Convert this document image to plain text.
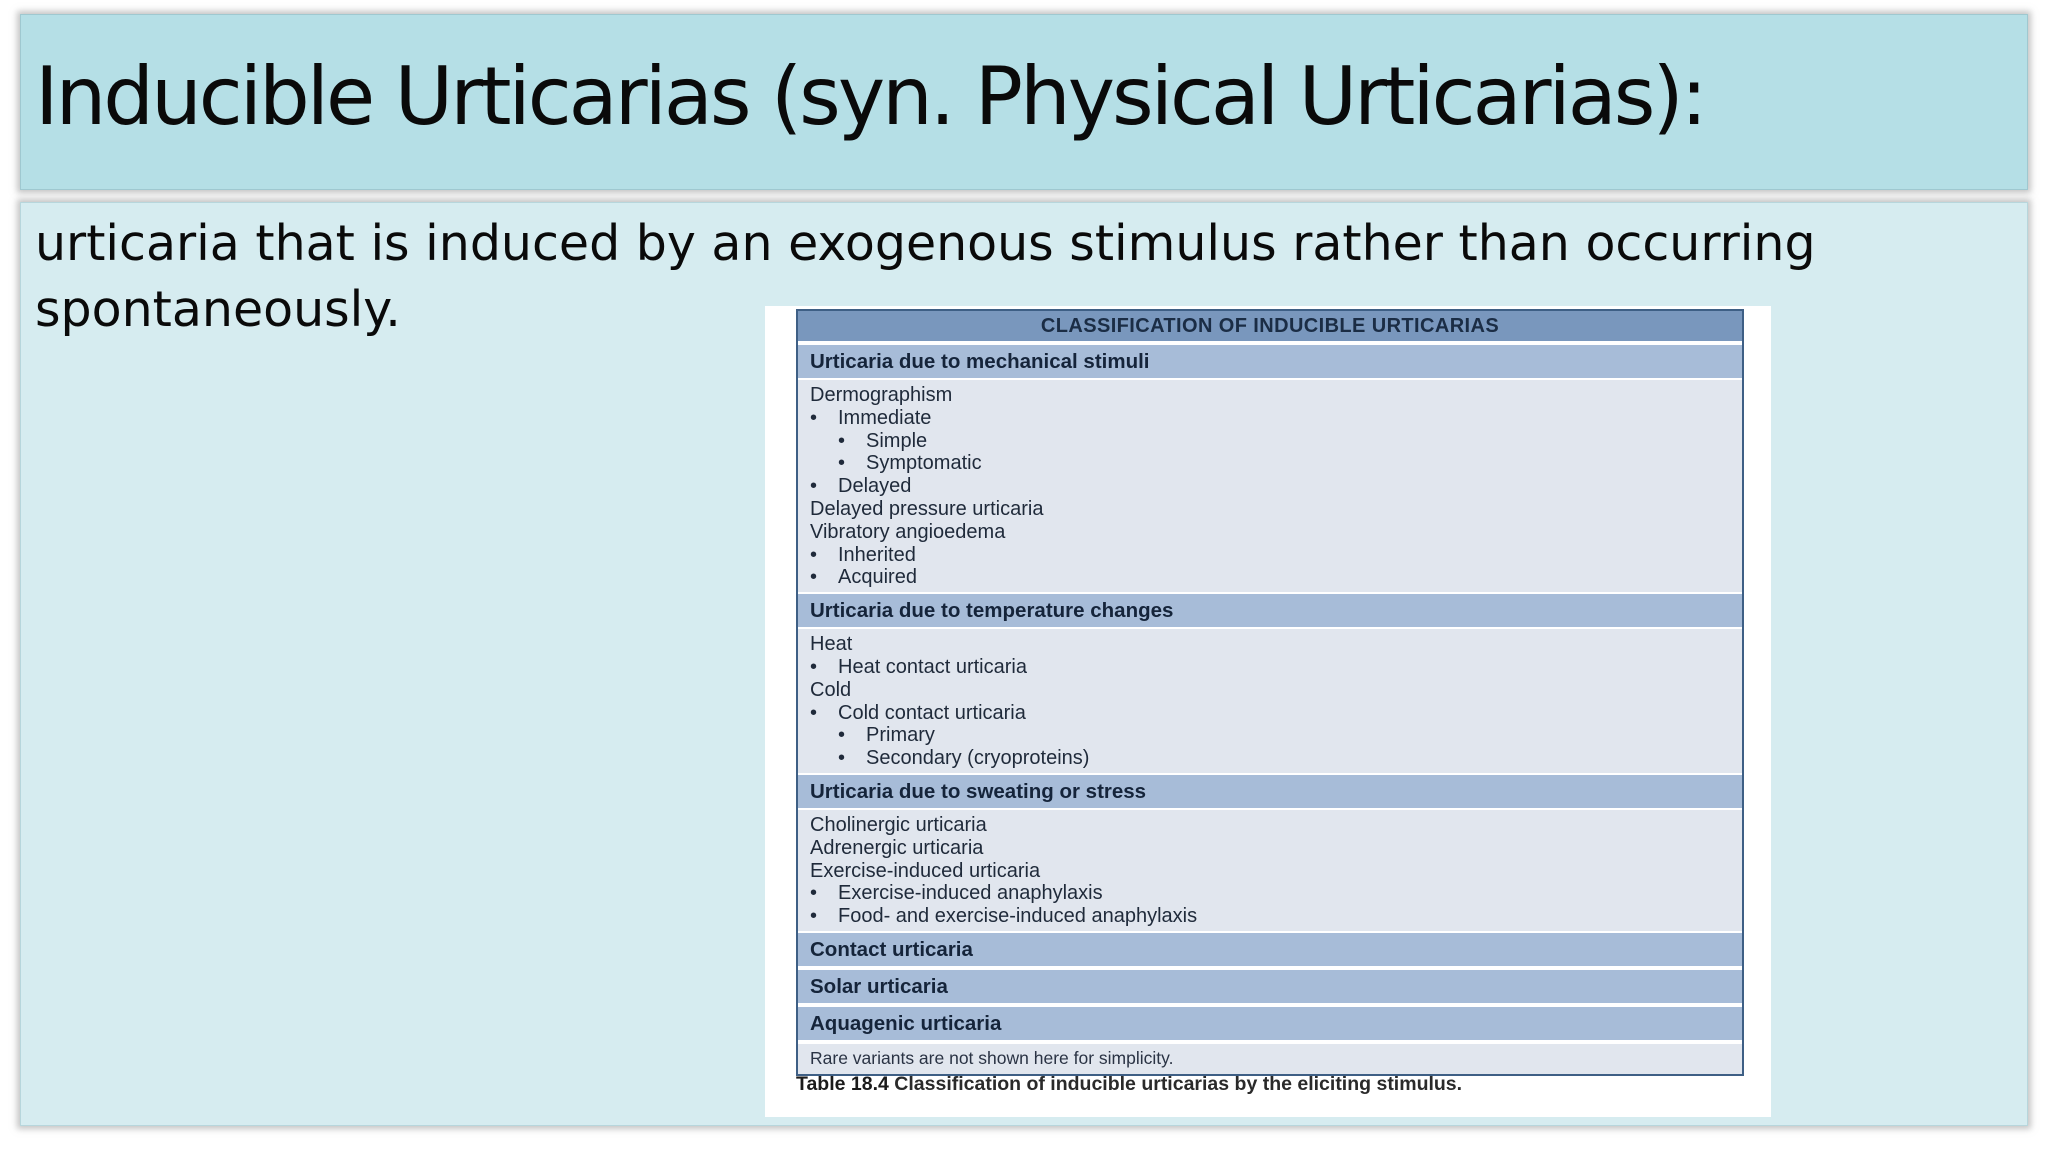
Inducible Urticarias (syn. Physical Urticarias):
urticaria that is induced by an exogenous stimulus rather than occurring spontaneously.	CLASSIFICATION OF INDUCIBLE URTICARIAS
Urticaria due to mechanical stimuli
Dermographism
• Immediate
• Simple
• Symptomatic
• Delayed
Delayed pressure urticaria
Vibratory angioedema
• Inherited
• Acquired
Urticaria due to temperature changes
Heat
• Heat contact urticaria
Cold
• Cold contact urticaria
• Primary
• Secondary (cryoproteins)
Urticaria due to sweating or stress
Cholinergic urticaria
Adrenergic urticaria
Exercise-induced urticaria
• Exercise-induced anaphylaxis
• Food- and exercise-induced anaphylaxis
Contact urticaria
Solar urticaria
Aquagenic urticaria
Rare variants are not shown here for simplicity.
Table 18.4 Classification of inducible urticarias by the eliciting stimulus.
